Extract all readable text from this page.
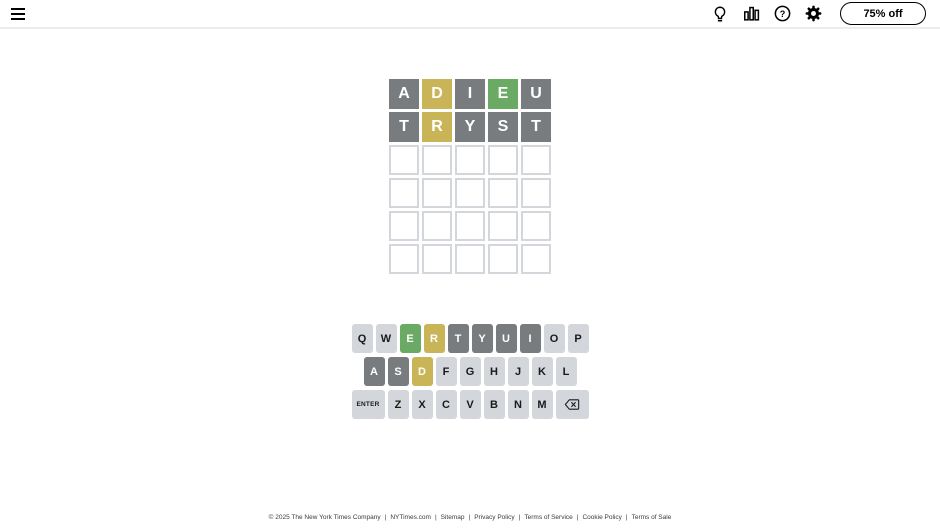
?	75% off
A	D	I	E	U
T	R	Y	S	T
Q	W	E	R	T	Y	U	I	O	P
A	S	D	F	G	H	J	K	L
ENTER	Z	X	C	V	B	N	M
© 2025 The New York Times Company | NYTimes.com | Sitemap | Privacy Policy | Terms of Service | Cookie Policy | Terms of Sale
